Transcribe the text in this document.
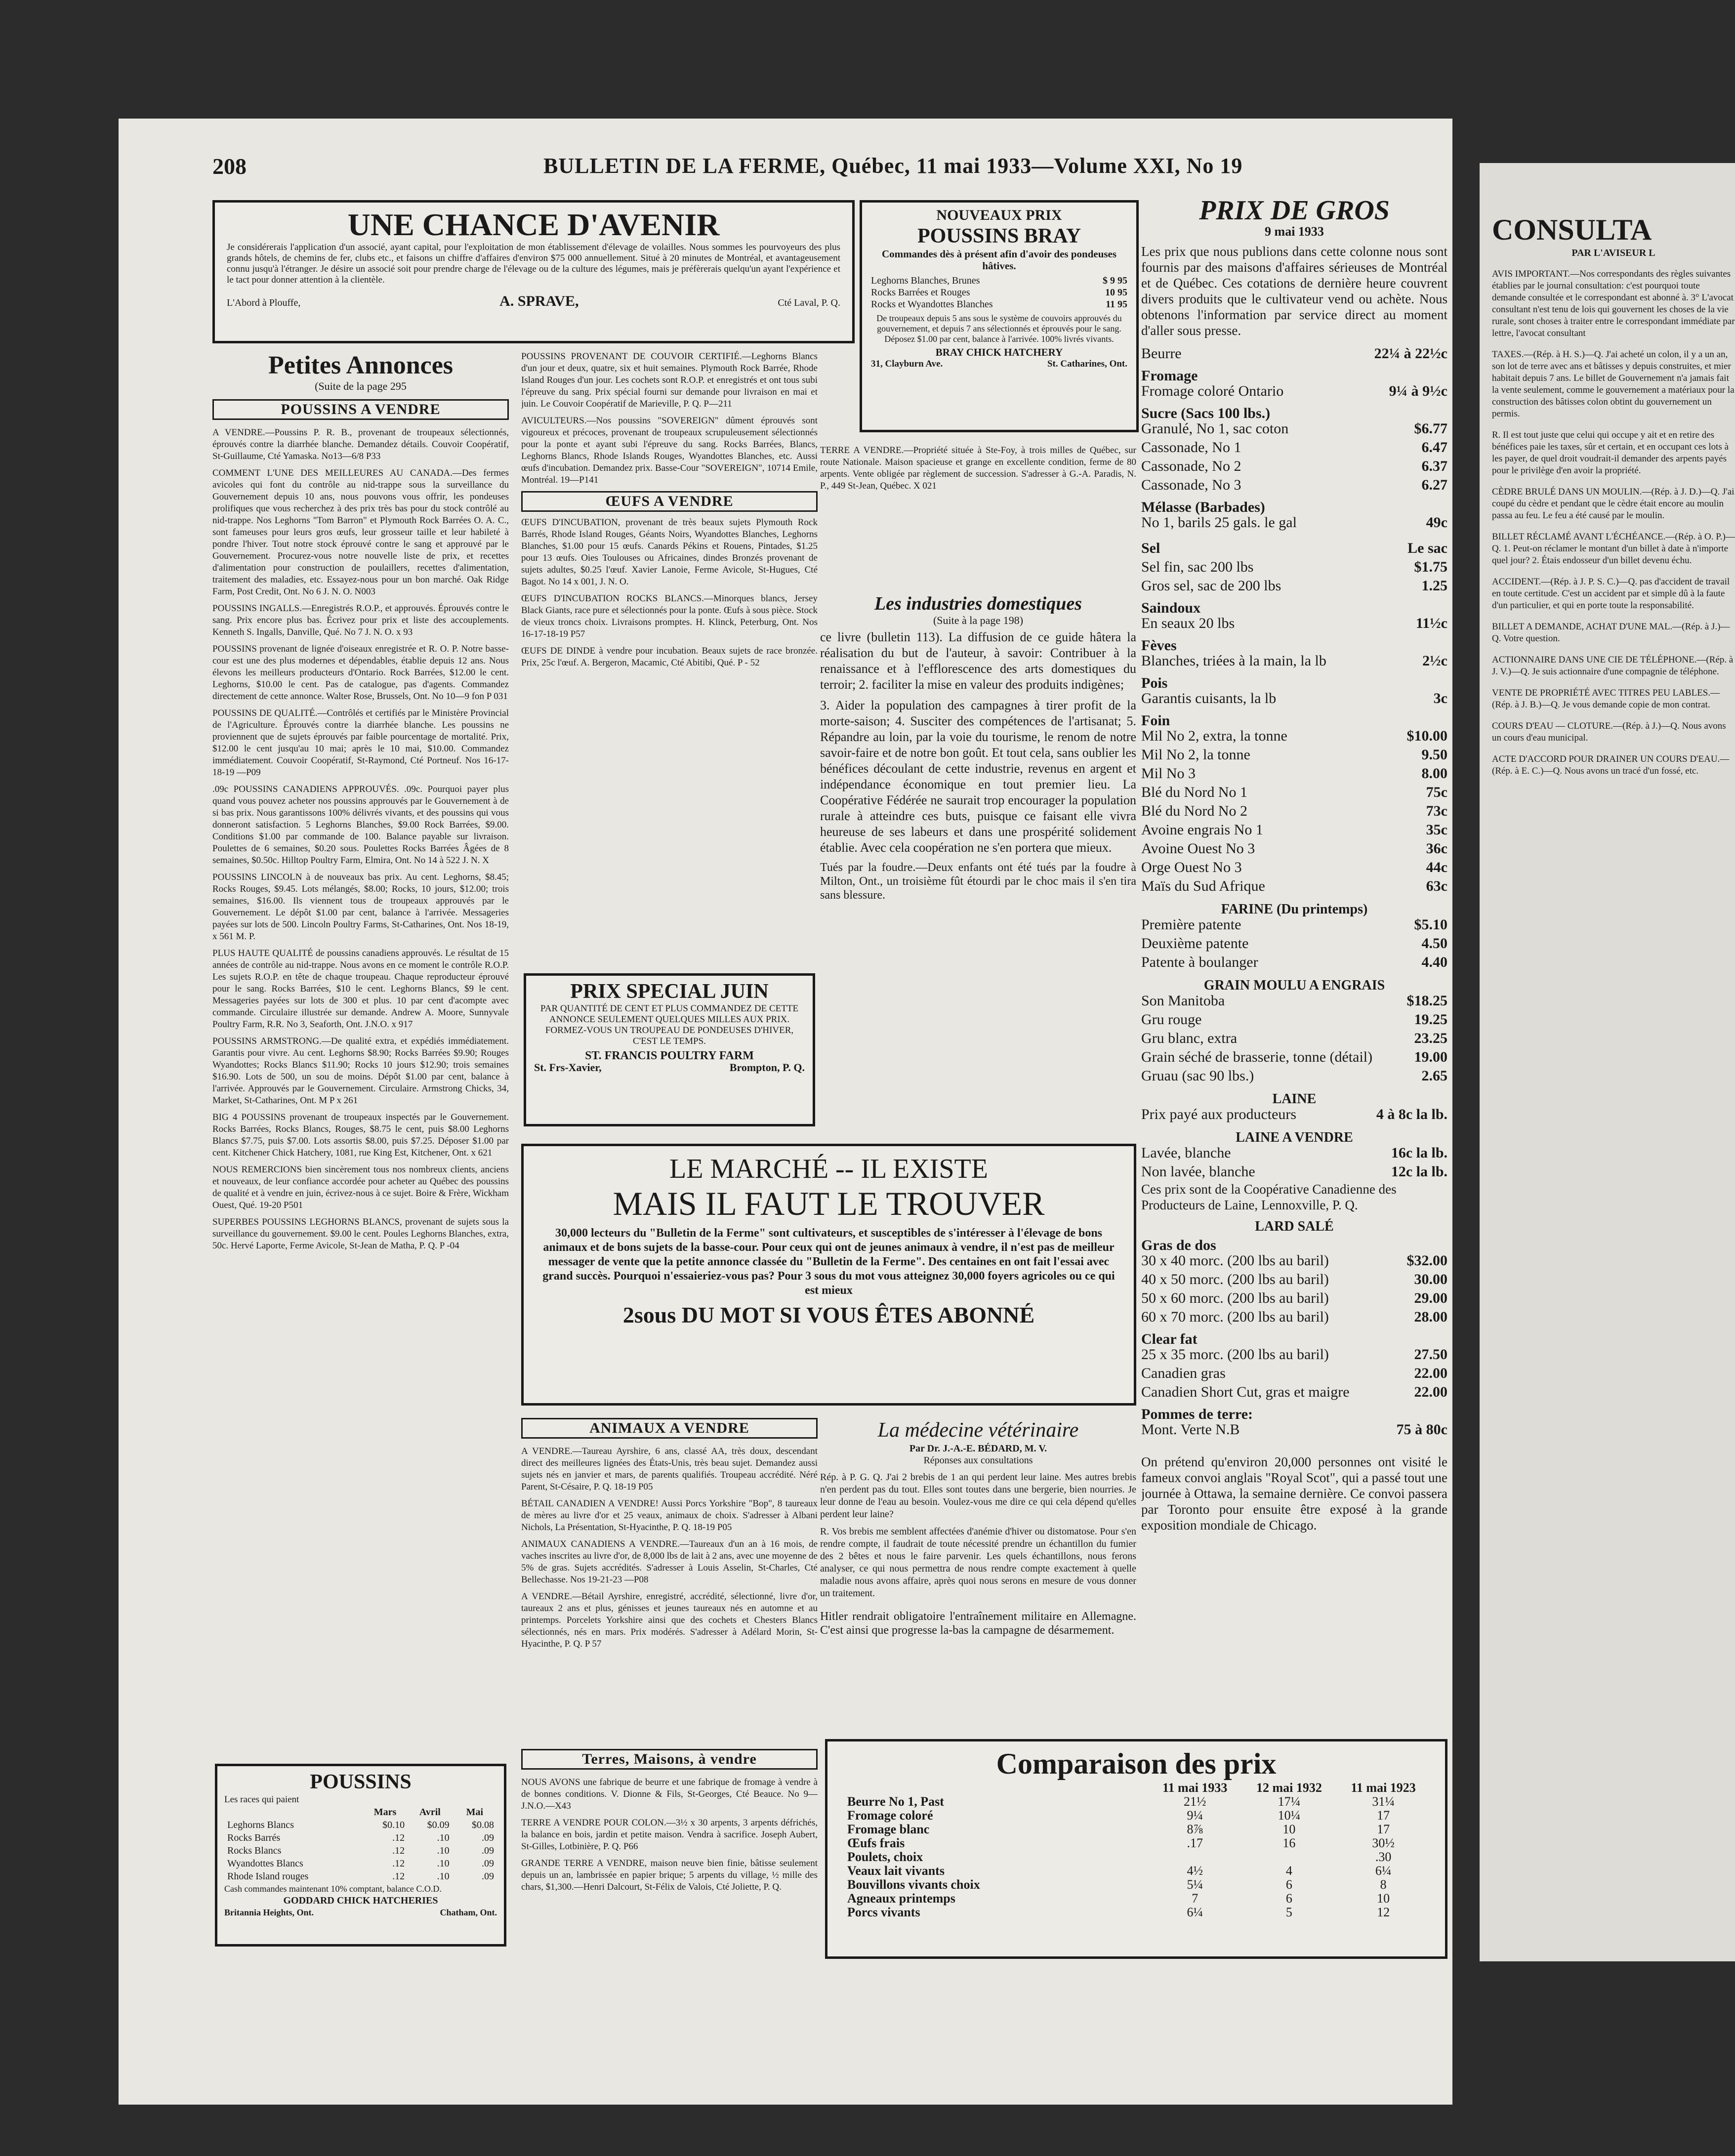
208	BULLETIN DE LA FERME, Québec, 11 mai 1933—Volume XXI, No 19
UNE CHANCE D'AVENIR
Je considérerais l'application d'un associé, ayant capital, pour l'exploitation de mon établissement d'élevage de volailles. Nous sommes les pourvoyeurs des plus grands hôtels, de chemins de fer, clubs etc., et faisons un chiffre d'affaires d'environ $75 000 annuellement. Situé à 20 minutes de Montréal, et avantageusement connu jusqu'à l'étranger. Je désire un associé soit pour prendre charge de l'élevage ou de la culture des légumes, mais je préfèrerais quelqu'un ayant l'expérience et le tact pour donner attention à la clientèle.
L'Abord à Plouffe,	A. SPRAVE,	Cté Laval, P. Q.
NOUVEAUX PRIX
POUSSINS BRAY
Commandes dès à présent afin d'avoir des pondeuses hâtives.
Leghorns Blanches, Brunes	$ 9 95
Rocks Barrées et Rouges	10 95
Rocks et Wyandottes Blanches	11 95
De troupeaux depuis 5 ans sous le système de couvoirs approuvés du gouvernement, et depuis 7 ans sélectionnés et éprouvés pour le sang. Déposez $1.00 par cent, balance à l'arrivée. 100% livrés vivants.
BRAY CHICK HATCHERY
31, Clayburn Ave.	St. Catharines, Ont.
Petites Annonces
(Suite de la page 295
POUSSINS A VENDRE

A VENDRE.—Poussins P. R. B., provenant de troupeaux sélectionnés, éprouvés contre la diarrhée blanche. Demandez détails. Couvoir Coopératif, St-Guillaume, Cté Yamaska. No13—6/8 P33

COMMENT L'UNE DES MEILLEURES AU CANADA.—Des fermes avicoles qui font du contrôle au nid-trappe sous la surveillance du Gouvernement depuis 10 ans, nous pouvons vous offrir, les pondeuses prolifiques que vous recherchez à des prix très bas pour du stock contrôlé au nid-trappe. Nos Leghorns "Tom Barron" et Plymouth Rock Barrées O. A. C., sont fameuses pour leurs gros œufs, leur grosseur taille et leur habileté à pondre l'hiver. Tout notre stock éprouvé contre le sang et approuvé par le Gouvernement. Procurez-vous notre nouvelle liste de prix, et recettes d'alimentation pour construction de poulaillers, recettes d'alimentation, traitement des maladies, etc. Essayez-nous pour un bon marché. Oak Ridge Farm, Post Credit, Ont. No 6 J. N. O. N003

POUSSINS INGALLS.—Enregistrés R.O.P., et approuvés. Éprouvés contre le sang. Prix encore plus bas. Écrivez pour prix et liste des accouplements. Kenneth S. Ingalls, Danville, Qué. No 7 J. N. O. x 93

POUSSINS provenant de lignée d'oiseaux enregistrée et R. O. P. Notre basse-cour est une des plus modernes et dépendables, établie depuis 12 ans. Nous élevons les meilleurs producteurs d'Ontario. Rock Barrées, $12.00 le cent. Leghorns, $10.00 le cent. Pas de catalogue, pas d'agents. Commandez directement de cette annonce. Walter Rose, Brussels, Ont. No 10—9 fon P 031

POUSSINS DE QUALITÉ.—Contrôlés et certifiés par le Ministère Provincial de l'Agriculture. Éprouvés contre la diarrhée blanche. Les poussins ne proviennent que de sujets éprouvés par faible pourcentage de mortalité. Prix, $12.00 le cent jusqu'au 10 mai; après le 10 mai, $10.00. Commandez immédiatement. Couvoir Coopératif, St-Raymond, Cté Portneuf. Nos 16-17-18-19 —P09

.09c POUSSINS CANADIENS APPROUVÉS. .09c. Pourquoi payer plus quand vous pouvez acheter nos poussins approuvés par le Gouvernement à de si bas prix. Nous garantissons 100% délivrés vivants, et des poussins qui vous donneront satisfaction. 5 Leghorns Blanches, $9.00 Rock Barrées, $9.00. Conditions $1.00 par commande de 100. Balance payable sur livraison. Poulettes de 6 semaines, $0.20 sous. Poulettes Rocks Barrées Âgées de 8 semaines, $0.50c. Hilltop Poultry Farm, Elmira, Ont. No 14 à 522 J. N. X

POUSSINS LINCOLN à de nouveaux bas prix. Au cent. Leghorns, $8.45; Rocks Rouges, $9.45. Lots mélangés, $8.00; Rocks, 10 jours, $12.00; trois semaines, $16.00. Ils viennent tous de troupeaux approuvés par le Gouvernement. Le dépôt $1.00 par cent, balance à l'arrivée. Messageries payées sur lots de 500. Lincoln Poultry Farms, St-Catharines, Ont. Nos 18-19, x 561 M. P.

PLUS HAUTE QUALITÉ de poussins canadiens approuvés. Le résultat de 15 années de contrôle au nid-trappe. Nous avons en ce moment le contrôle R.O.P. Les sujets R.O.P. en tête de chaque troupeau. Chaque reproducteur éprouvé pour le sang. Rocks Barrées, $10 le cent. Leghorns Blancs, $9 le cent. Messageries payées sur lots de 300 et plus. 10 par cent d'acompte avec commande. Circulaire illustrée sur demande. Andrew A. Moore, Sunnyvale Poultry Farm, R.R. No 3, Seaforth, Ont. J.N.O. x 917

POUSSINS ARMSTRONG.—De qualité extra, et expédiés immédiatement. Garantis pour vivre. Au cent. Leghorns $8.90; Rocks Barrées $9.90; Rouges Wyandottes; Rocks Blancs $11.90; Rocks 10 jours $12.90; trois semaines $16.90. Lots de 500, un sou de moins. Dépôt $1.00 par cent, balance à l'arrivée. Approuvés par le Gouvernement. Circulaire. Armstrong Chicks, 34, Market, St-Catharines, Ont. M P x 261

BIG 4 POUSSINS provenant de troupeaux inspectés par le Gouvernement. Rocks Barrées, Rocks Blancs, Rouges, $8.75 le cent, puis $8.00 Leghorns Blancs $7.75, puis $7.00. Lots assortis $8.00, puis $7.25. Déposer $1.00 par cent. Kitchener Chick Hatchery, 1081, rue King Est, Kitchener, Ont. x 621

NOUS REMERCIONS bien sincèrement tous nos nombreux clients, anciens et nouveaux, de leur confiance accordée pour acheter au Québec des poussins de qualité et à vendre en juin, écrivez-nous à ce sujet. Boire & Frère, Wickham Ouest, Qué. 19-20 P501

SUPERBES POUSSINS LEGHORNS BLANCS, provenant de sujets sous la surveillance du gouvernement. $9.00 le cent. Poules Leghorns Blanches, extra, 50c. Hervé Laporte, Ferme Avicole, St-Jean de Matha, P. Q. P -04

POUSSINS
Les races qui paient
	Mars	Avril	Mai
Leghorns Blancs	$0.10	$0.09	$0.08
Rocks Barrés	.12	.10	.09
Rocks Blancs	.12	.10	.09
Wyandottes Blancs	.12	.10	.09
Rhode Island rouges	.12	.10	.09
Cash commandes maintenant 10% comptant, balance C.O.D.
GODDARD CHICK HATCHERIES
Britannia Heights, Ont.	Chatham, Ont.

POUSSINS PROVENANT DE COUVOIR CERTIFIÉ.—Leghorns Blancs d'un jour et deux, quatre, six et huit semaines. Plymouth Rock Barrée, Rhode Island Rouges d'un jour. Les cochets sont R.O.P. et enregistrés et ont tous subi l'épreuve du sang. Prix spécial fourni sur demande pour livraison en mai et juin. Le Couvoir Coopératif de Marieville, P. Q. P—211

AVICULTEURS.—Nos poussins "SOVEREIGN" dûment éprouvés sont vigoureux et précoces, provenant de troupeaux scrupuleusement sélectionnés pour la ponte et ayant subi l'épreuve du sang. Rocks Barrées, Blancs, Leghorns Blancs, Rhode Islands Rouges, Wyandottes Blanches, etc. Aussi œufs d'incubation. Demandez prix. Basse-Cour "SOVEREIGN", 10714 Emile, Montréal. 19—P141

ŒUFS A VENDRE

ŒUFS D'INCUBATION, provenant de très beaux sujets Plymouth Rock Barrés, Rhode Island Rouges, Géants Noirs, Wyandottes Blanches, Leghorns Blanches, $1.00 pour 15 œufs. Canards Pékins et Rouens, Pintades, $1.25 pour 13 œufs. Oies Toulouses ou Africaines, dindes Bronzés provenant de sujets adultes, $0.25 l'œuf. Xavier Lanoie, Ferme Avicole, St-Hugues, Cté Bagot. No 14 x 001, J. N. O.

ŒUFS D'INCUBATION ROCKS BLANCS.—Minorques blancs, Jersey Black Giants, race pure et sélectionnés pour la ponte. Œufs à sous pièce. Stock de vieux troncs choix. Livraisons promptes. H. Klinck, Peterburg, Ont. Nos 16-17-18-19 P57

ŒUFS DE DINDE à vendre pour incubation. Beaux sujets de race bronzée. Prix, 25c l'œuf. A. Bergeron, Macamic, Cté Abitibi, Qué. P - 52

PRIX SPECIAL JUIN
PAR QUANTITÉ DE CENT ET PLUS COMMANDEZ DE CETTE ANNONCE SEULEMENT QUELQUES MILLES AUX PRIX. FORMEZ-VOUS UN TROUPEAU DE PONDEUSES D'HIVER, C'EST LE TEMPS.
ST. FRANCIS POULTRY FARM
St. Frs-Xavier,	Brompton, P. Q.

TERRE A VENDRE.—Propriété située à Ste-Foy, à trois milles de Québec, sur route Nationale. Maison spacieuse et grange en excellente condition, ferme de 80 arpents. Vente obligée par règlement de succession. S'adresser à G.-A. Paradis, N. P., 449 St-Jean, Québec. X 021

Les industries domestiques
(Suite à la page 198)

ce livre (bulletin 113). La diffusion de ce guide hâtera la réalisation du but de l'auteur, à savoir: Contribuer à la renaissance et à l'efflorescence des arts domestiques du terroir; 2. faciliter la mise en valeur des produits indigènes;

3. Aider la population des campagnes à tirer profit de la morte-saison; 4. Susciter des compétences de l'artisanat; 5. Répandre au loin, par la voie du tourisme, le renom de notre savoir-faire et de notre bon goût. Et tout cela, sans oublier les bénéfices découlant de cette industrie, revenus en argent et indépendance économique en tout premier lieu. La Coopérative Fédérée ne saurait trop encourager la population rurale à atteindre ces buts, puisque ce faisant elle vivra heureuse de ses labeurs et dans une prospérité solidement établie. Avec cela coopération ne s'en portera que mieux.

Tués par la foudre.—Deux enfants ont été tués par la foudre à Milton, Ont., un troisième fût étourdi par le choc mais il s'en tira sans blessure.

LE MARCHÉ -- IL EXISTE
MAIS IL FAUT LE TROUVER
30,000 lecteurs du "Bulletin de la Ferme" sont cultivateurs, et susceptibles de s'intéresser à l'élevage de bons animaux et de bons sujets de la basse-cour. Pour ceux qui ont de jeunes animaux à vendre, il n'est pas de meilleur messager de vente que la petite annonce classée du "Bulletin de la Ferme". Des centaines en ont fait l'essai avec grand succès. Pourquoi n'essaieriez-vous pas? Pour 3 sous du mot vous atteignez 30,000 foyers agricoles ou ce qui est mieux
2sous DU MOT SI VOUS ÊTES ABONNÉ
ANIMAUX A VENDRE

A VENDRE.—Taureau Ayrshire, 6 ans, classé AA, très doux, descendant direct des meilleures lignées des États-Unis, très beau sujet. Demandez aussi sujets nés en janvier et mars, de parents qualifiés. Troupeau accrédité. Néré Parent, St-Césaire, P. Q. 18-19 P05

BÉTAIL CANADIEN A VENDRE! Aussi Porcs Yorkshire "Bop", 8 taureaux de mères au livre d'or et 25 veaux, animaux de choix. S'adresser à Albani Nichols, La Présentation, St-Hyacinthe, P. Q. 18-19 P05

ANIMAUX CANADIENS A VENDRE.—Taureaux d'un an à 16 mois, de vaches inscrites au livre d'or, de 8,000 lbs de lait à 2 ans, avec une moyenne de 5% de gras. Sujets accrédités. S'adresser à Louis Asselin, St-Charles, Cté Bellechasse. Nos 19-21-23 —P08

A VENDRE.—Bétail Ayrshire, enregistré, accrédité, sélectionné, livre d'or, taureaux 2 ans et plus, génisses et jeunes taureaux nés en automne et au printemps. Porcelets Yorkshire ainsi que des cochets et Chesters Blancs sélectionnés, nés en mars. Prix modérés. S'adresser à Adélard Morin, St-Hyacinthe, P. Q. P 57

Terres, Maisons, à vendre

NOUS AVONS une fabrique de beurre et une fabrique de fromage à vendre à de bonnes conditions. V. Dionne & Fils, St-Georges, Cté Beauce. No 9—J.N.O.—X43

TERRE A VENDRE POUR COLON.—3½ x 30 arpents, 3 arpents défrichés, la balance en bois, jardin et petite maison. Vendra à sacrifice. Joseph Aubert, St-Gilles, Lotbinière, P. Q. P66

GRANDE TERRE A VENDRE, maison neuve bien finie, bâtisse seulement depuis un an, lambrissée en papier brique; 5 arpents du village, ½ mille des chars, $1,300.—Henri Dalcourt, St-Félix de Valois, Cté Joliette, P. Q.

La médecine vétérinaire
Par Dr. J.-A.-E. BÉDARD, M. V.
Réponses aux consultations

Rép. à P. G. Q. J'ai 2 brebis de 1 an qui perdent leur laine. Mes autres brebis n'en perdent pas du tout. Elles sont toutes dans une bergerie, bien nourries. Je leur donne de l'eau au besoin. Voulez-vous me dire ce qui cela dépend qu'elles perdent leur laine?

R. Vos brebis me semblent affectées d'anémie d'hiver ou distomatose. Pour s'en rendre compte, il faudrait de toute nécessité prendre un échantillon du fumier des 2 bêtes et nous le faire parvenir. Les quels échantillons, nous ferons analyser, ce qui nous permettra de nous rendre compte exactement à quelle maladie nous avons affaire, après quoi nous serons en mesure de vous donner un traitement.

Hitler rendrait obligatoire l'entraînement militaire en Allemagne. C'est ainsi que progresse la-bas la campagne de désarmement.

PRIX DE GROS
9 mai 1933
Les prix que nous publions dans cette colonne nous sont fournis par des maisons d'affaires sérieuses de Montréal et de Québec. Ces cotations de dernière heure couvrent divers produits que le cultivateur vend ou achète. Nous obtenons l'information par service direct au moment d'aller sous presse.
Beurre	22¼ à 22½c
Fromage
Fromage coloré Ontario	9¼ à 9½c
Sucre (Sacs 100 lbs.)
Granulé, No 1, sac coton	$6.77
Cassonade, No 1	6.47
Cassonade, No 2	6.37
Cassonade, No 3	6.27
Mélasse (Barbades)
No 1, barils 25 gals. le gal	49c
Sel	Le sac
Sel fin, sac 200 lbs	$1.75
Gros sel, sac de 200 lbs	1.25
Saindoux
En seaux 20 lbs	11½c
Fèves
Blanches, triées à la main, la lb	2½c
Pois
Garantis cuisants, la lb	3c
Foin
Mil No 2, extra, la tonne	$10.00
Mil No 2, la tonne	9.50
Mil No 3	8.00
Blé du Nord No 1	75c
Blé du Nord No 2	73c
Avoine engrais No 1	35c
Avoine Ouest No 3	36c
Orge Ouest No 3	44c
Maïs du Sud Afrique	63c
FARINE (Du printemps)
Première patente	$5.10
Deuxième patente	4.50
Patente à boulanger	4.40
GRAIN MOULU A ENGRAIS
Son Manitoba	$18.25
Gru rouge	19.25
Gru blanc, extra	23.25
Grain séché de brasserie, tonne (détail)	19.00
Gruau (sac 90 lbs.)	2.65
LAINE
Prix payé aux producteurs	4 à 8c la lb.
LAINE A VENDRE
Lavée, blanche	16c la lb.
Non lavée, blanche	12c la lb.
Ces prix sont de la Coopérative Canadienne des Producteurs de Laine, Lennoxville, P. Q.
LARD SALÉ
Gras de dos
30 x 40 morc. (200 lbs au baril)	$32.00
40 x 50 morc. (200 lbs au baril)	30.00
50 x 60 morc. (200 lbs au baril)	29.00
60 x 70 morc. (200 lbs au baril)	28.00
Clear fat
25 x 35 morc. (200 lbs au baril)	27.50
Canadien gras	22.00
Canadien Short Cut, gras et maigre	22.00
Pommes de terre:
Mont. Verte N.B	75 à 80c
On prétend qu'environ 20,000 personnes ont visité le fameux convoi anglais "Royal Scot", qui a passé tout une journée à Ottawa, la semaine dernière. Ce convoi passera par Toronto pour ensuite être exposé à la grande exposition mondiale de Chicago.
Comparaison des prix
	11 mai 1933	12 mai 1932	11 mai 1923
Beurre No 1, Past	21½	17¼	31¼
Fromage coloré	9¼	10¼	17
Fromage blanc	8⅞	10	17
Œufs frais	.17	16	30½
Poulets, choix			.30
Veaux lait vivants	4½	4	6¼
Bouvillons vivants choix	5¼	6	8
Agneaux printemps	7	6	10
Porcs vivants	6¼	5	12
CONSULTA
PAR L'AVISEUR L

AVIS IMPORTANT.—Nos correspondants des règles suivantes établies par le journal consultation: c'est pourquoi toute demande consultée et le correspondant est abonné à. 3° L'avocat consultant n'est tenu de lois qui gouvernent les choses de la vie rurale, sont choses à traiter entre le correspondant immédiate par lettre, l'avocat consultant

TAXES.—(Rép. à H. S.)—Q. J'ai acheté un colon, il y a un an, son lot de terre avec ans et bâtisses y depuis construites, et mier habitait depuis 7 ans. Le billet de Gouvernement n'a jamais fait la vente seulement, comme le gouvernement a matériaux pour la construction des bâtisses colon obtint du gouvernement un permis.

R. Il est tout juste que celui qui occupe y ait et en retire des bénéfices paie les taxes, sûr et certain, et en occupant ces lots à les payer, de quel droit voudrait-il demander des arpents payés pour le privilège d'en avoir la propriété.

CÈDRE BRULÉ DANS UN MOULIN.—(Rép. à J. D.)—Q. J'ai coupé du cèdre et pendant que le cèdre était encore au moulin passa au feu. Le feu a été causé par le moulin.

BILLET RÉCLAMÉ AVANT L'ÉCHÉANCE.—(Rép. à O. P.)—Q. 1. Peut-on réclamer le montant d'un billet à date à n'importe quel jour? 2. Étais endosseur d'un billet devenu échu.

ACCIDENT.—(Rép. à J. P. S. C.)—Q. pas d'accident de travail en toute certitude. C'est un accident par et simple dû à la faute d'un particulier, et qui en porte toute la responsabilité.

BILLET A DEMANDE, ACHAT D'UNE MAL.—(Rép. à J.)—Q. Votre question.

ACTIONNAIRE DANS UNE CIE DE TÉLÉPHONE.—(Rép. à J. V.)—Q. Je suis actionnaire d'une compagnie de téléphone.

VENTE DE PROPRIÉTÉ AVEC TITRES PEU LABLES.—(Rép. à J. B.)—Q. Je vous demande copie de mon contrat.

COURS D'EAU — CLOTURE.—(Rép. à J.)—Q. Nous avons un cours d'eau municipal.

ACTE D'ACCORD POUR DRAINER UN COURS D'EAU.—(Rép. à E. C.)—Q. Nous avons un tracé d'un fossé, etc.
